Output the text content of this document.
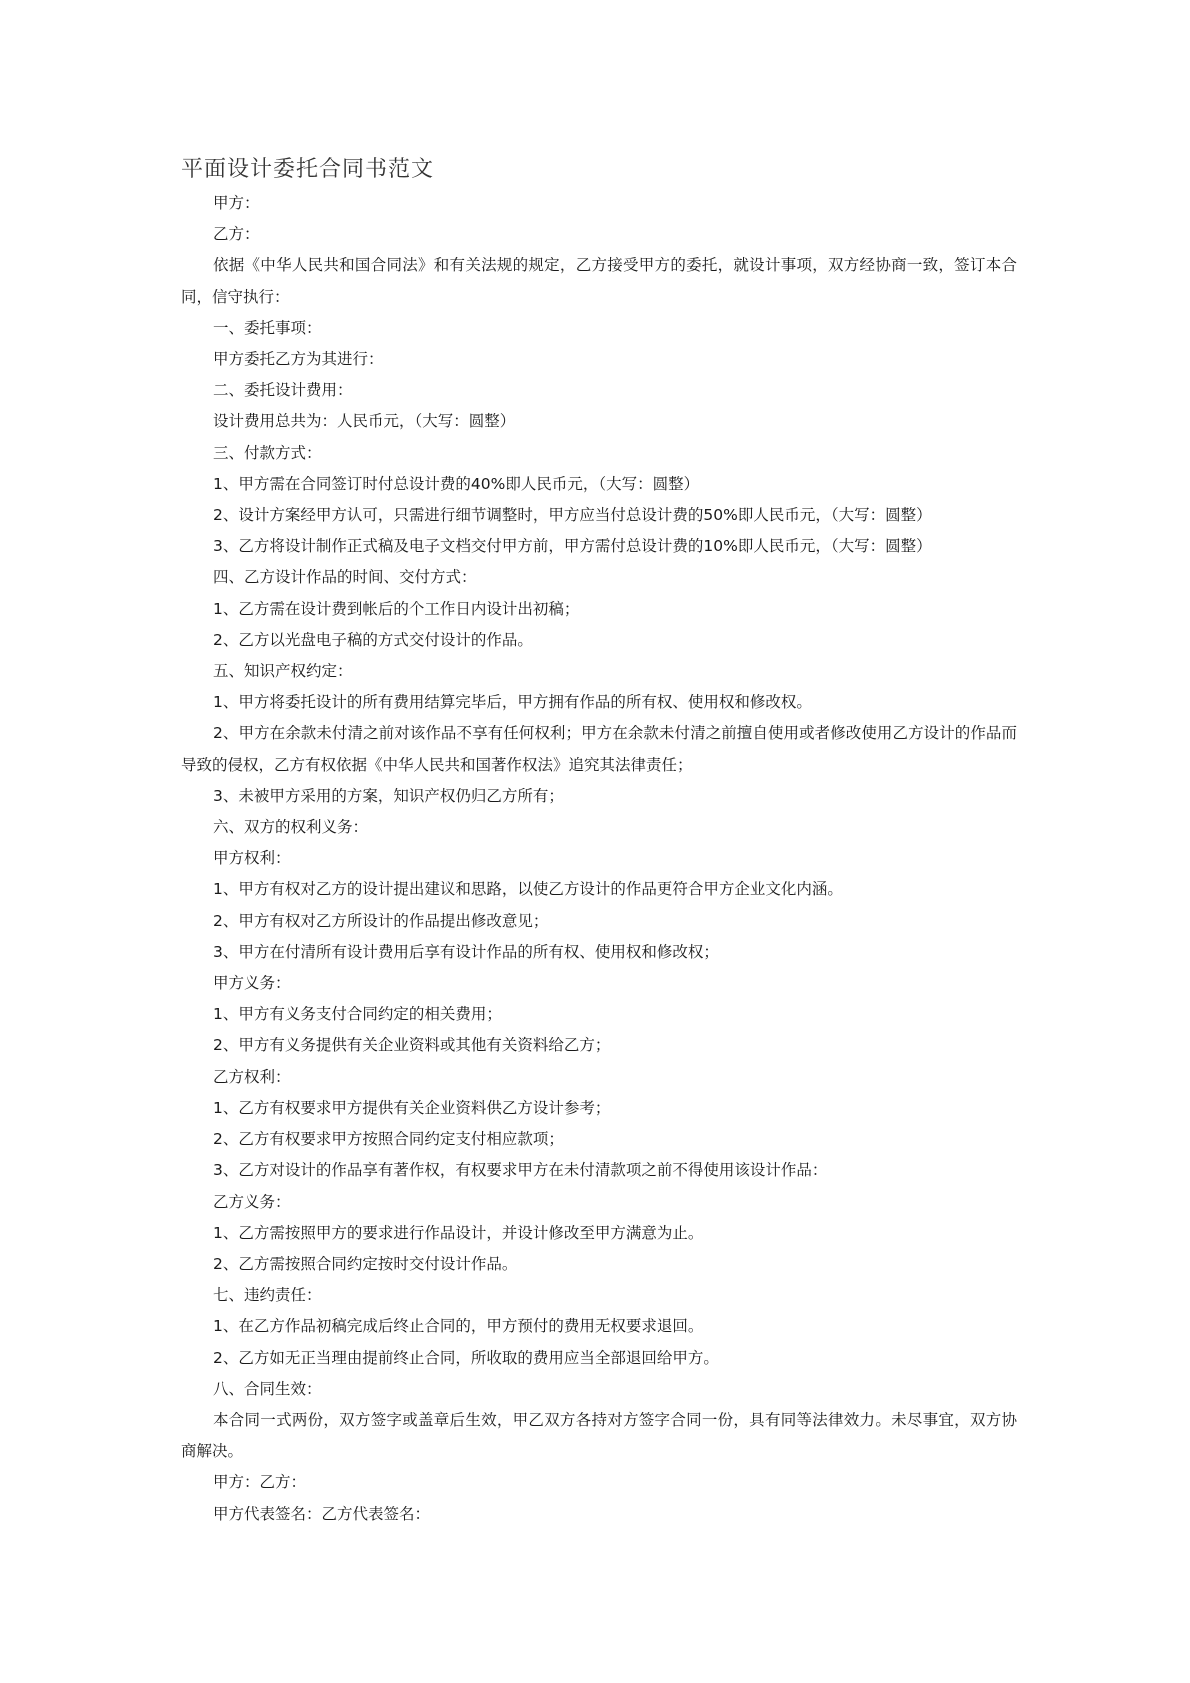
平面设计委托合同书范文

甲方：

乙方：

依据《中华人民共和国合同法》和有关法规的规定，乙方接受甲方的委托，就设计事项，双方经协商一致，签订本合同，信守执行：

一、委托事项：

甲方委托乙方为其进行：

二、委托设计费用：

设计费用总共为：人民币元，（大写：圆整）

三、付款方式：

1、甲方需在合同签订时付总设计费的40%即人民币元，（大写：圆整）

2、设计方案经甲方认可，只需进行细节调整时，甲方应当付总设计费的50%即人民币元，（大写：圆整）

3、乙方将设计制作正式稿及电子文档交付甲方前，甲方需付总设计费的10%即人民币元，（大写：圆整）

四、乙方设计作品的时间、交付方式：

1、乙方需在设计费到帐后的个工作日内设计出初稿；

2、乙方以光盘电子稿的方式交付设计的作品。

五、知识产权约定：

1、甲方将委托设计的所有费用结算完毕后，甲方拥有作品的所有权、使用权和修改权。

2、甲方在余款未付清之前对该作品不享有任何权利；甲方在余款未付清之前擅自使用或者修改使用乙方设计的作品而导致的侵权，乙方有权依据《中华人民共和国著作权法》追究其法律责任；

3、未被甲方采用的方案，知识产权仍归乙方所有；

六、双方的权利义务：

甲方权利：

1、甲方有权对乙方的设计提出建议和思路，以使乙方设计的作品更符合甲方企业文化内涵。

2、甲方有权对乙方所设计的作品提出修改意见；

3、甲方在付清所有设计费用后享有设计作品的所有权、使用权和修改权；

甲方义务：

1、甲方有义务支付合同约定的相关费用；

2、甲方有义务提供有关企业资料或其他有关资料给乙方；

乙方权利：

1、乙方有权要求甲方提供有关企业资料供乙方设计参考；

2、乙方有权要求甲方按照合同约定支付相应款项；

3、乙方对设计的作品享有著作权，有权要求甲方在未付清款项之前不得使用该设计作品：

乙方义务：

1、乙方需按照甲方的要求进行作品设计，并设计修改至甲方满意为止。

2、乙方需按照合同约定按时交付设计作品。

七、违约责任：

1、在乙方作品初稿完成后终止合同的，甲方预付的费用无权要求退回。

2、乙方如无正当理由提前终止合同，所收取的费用应当全部退回给甲方。

八、合同生效：

本合同一式两份，双方签字或盖章后生效，甲乙双方各持对方签字合同一份，具有同等法律效力。未尽事宜，双方协商解决。

甲方：乙方：

甲方代表签名：乙方代表签名：
